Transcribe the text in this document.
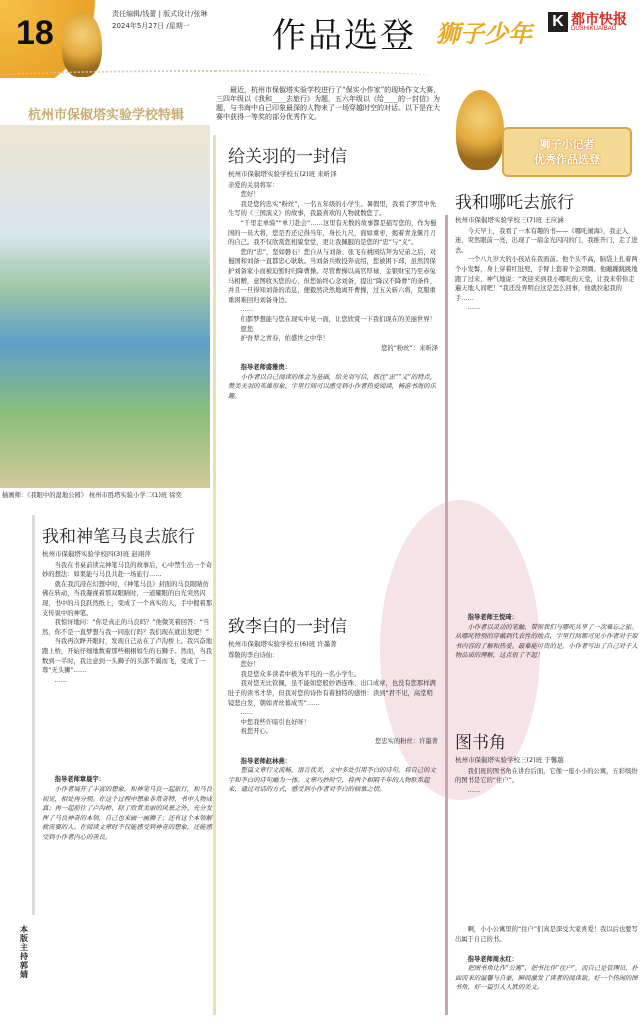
18	责任编辑/钱蕾 | 版式设计/张琳
2024年5月27日 /星期一	作品选登 狮子少年 K 都市快报
DUSHIKUAIBAO
杭州市保俶塔实验学校特辑
最近，杭州市保俶塔实验学校进行了“保实小作家”的现场作文大赛，三四年级以《我和____去旅行》为题，五六年级以《给____的一封信》为题，与书海中自己印象最深的人物来了一场穿越时空的对话。以下是在大赛中获得一等奖的部分优秀作文。
狮子小记者
优秀作品选登
插画师：《我眼中的湿地公园》 杭州市胜塔实验小学二(1)班 徐奕
给关羽的一封信
杭州市保俶塔实验学校五(2)班 来昕泽
亲爱的关羽将军：

您好！

我是您的忠实“粉丝”，一名五年级的小学生。暑假里，我看了罗贯中先生写的《三国演义》的故事，我最喜欢的人物就数您了。

“千里走单骑”“单刀赴会”……这里有无数的故事都是描写您的，作为蜀国的一员大将，您是否还记得当年，身长九尺，面如重枣，揭着青龙偃月刀的自己。我不仅欣赏您相貌堂堂，更让我佩服的是您的“忠”与“义”。

您的“忠”，坚如磐石！您自从与刘备、张飞在桃园结拜为兄弟之后，对蜀国和刘备一直都忠心耿耿。当刘备兵败投奔袁绍，您被困下邳，虽然因保护刘备家小而被迫暂时归降曹操。尽管曹操以高官厚禄、金银财宝乃至赤兔马相赠，意图收买您的心，但您始终心念刘备，提出“降汉不降曹”的条件，并且一旦得知刘备的消息，便毅然决然地离开曹操，过五关斩六将，克服重重困难回归刘备身边。

……

们都梦想能与您在现实中见一面，让您欣赏一下我们现在的美丽世界！

愿您

护吾辈之青春，佑盛世之中华！

您的“粉丝”：来昕泽
指导老师盛雅贵：

小作者以自己阅读的体会为基础，给关羽写信，抓住“忠”“义”的特点，赞美关羽的英雄形象。字里行间可以感受到小作者热爱阅读，畅游书海的乐趣。

致李白的一封信
杭州市保俶塔实验学校五(6)班 许墨菁
尊敬的李白诗仙：

您好！

我是您众多读者中极为平凡的一名小学生。

我对您无比钦佩，虽不能如您般妙语连珠、出口成章，也没有您那样满肚子的读书才华，但我对您的诗作有着独特的感悟：读到“君不见，高堂明镜悲白发，朝如青丝暮成雪”……

……

中您我些许暗引也好呀！

祝您开心。

您忠实的粉丝：许墨菁
指导老师赵林燕：

整篇文章行文流畅，语言优美，文中多处引用李白的诗句，将自己的文字和李白的诗句融为一体。文章巧妙时空，将两个相隔千年的人物联系起来，通过对话的方式，感受到小作者对李白的倾慕之情。

我和神笔马良去旅行
杭州市保俶塔实验学校四(3)班 赵翊萍

当我在书桌前读完神笔马良的故事后，心中禁生出一个奇妙的想法：如果能与马良共赴一场旅行……

就在我沉浸在幻想中时，《神笔马良》封面的马良眼睛仿佛在转动，当我凝视着那双眼睛时，一道耀眼的白光突然闪现，书中的马良跃然纸上，变成了一个真实的人，手中握着那支传说中的神笔。

我惊讶地问：“你是真正的马良吗？”他微笑着回答：“当然，你不是一直梦想与我一同旅行吗？我们现在就出发吧！”

当我再次睁开眼时，发现自己站在了卢沟桥上。我兴奋地跑上桥，开始仔细地数着那些栩栩如生的石狮子。然而，当我数到一半时，我注意到一头狮子的头部不翼而飞，变成了一尊“无头狮”……

……

指导老师章晨宇：

小作者展开了丰富的想象，和神笔马良一起旅行，和马良初见，相处再分别。在这个过程中想象非常奇特，书中人物成真；再一起前往了卢沟桥，除了欣赏美丽的风景之外，充分发挥了马良神奇的本领，自己也来画一画狮子；还有这个本领解救需要的人。在阅读文章时不仅能感受到神奇的想象，还能感受到小作者内心的善良。

本版主持 郭婧
我和哪吒去旅行
杭州市保俶塔实验学校三(7)班 王应涵

今天早上，我看了一本有趣的书——《哪吒闹海》，我正入迷，突然眼前一亮，出现了一扇金光闪闪的门，我推开门，走了进去。

一个八九岁大的小孩站在我面前。他个头不高，脑袋上扎着两个小发髻，身上穿着红肚兜，手臂上套着个金项圈。他蹦蹦跳跳地跑了过来，神气地说：“欢迎来到我小哪吒的天堂，让我来带你走遍天地人间吧！”我还没弄明白这是怎么回事，他就拉起我的手……

……

指导老师王悦琦：

小作者以灵动的笔触，带领我们与哪吒共享了一次难忘之旅。从哪吒特别的穿戴到代表性的地点，字里行间都可见小作者对于原书内容的了解和热爱。最难能可贵的是，小作者写出了自己对于人物品质的理解，这点很了不起！

图书角
杭州市保俶塔实验学校三(2)班 于馨越

我们班的图书角在讲台后面，它像一座小小的公寓，五彩缤纷的图书是它的“住户”。

……

啊，小小公寓里的“住户”们真是深受大家喜爱！我以后也要写出属于自己的书。

指导老师周永红：

把图书角比作“公寓”，把书比作“住户”，而自己是管理员，扑面而来的温馨与自豪，瞬间激发了读者的阅读欲。好一个热闹的图书角，好一篇引人入胜的美文。
